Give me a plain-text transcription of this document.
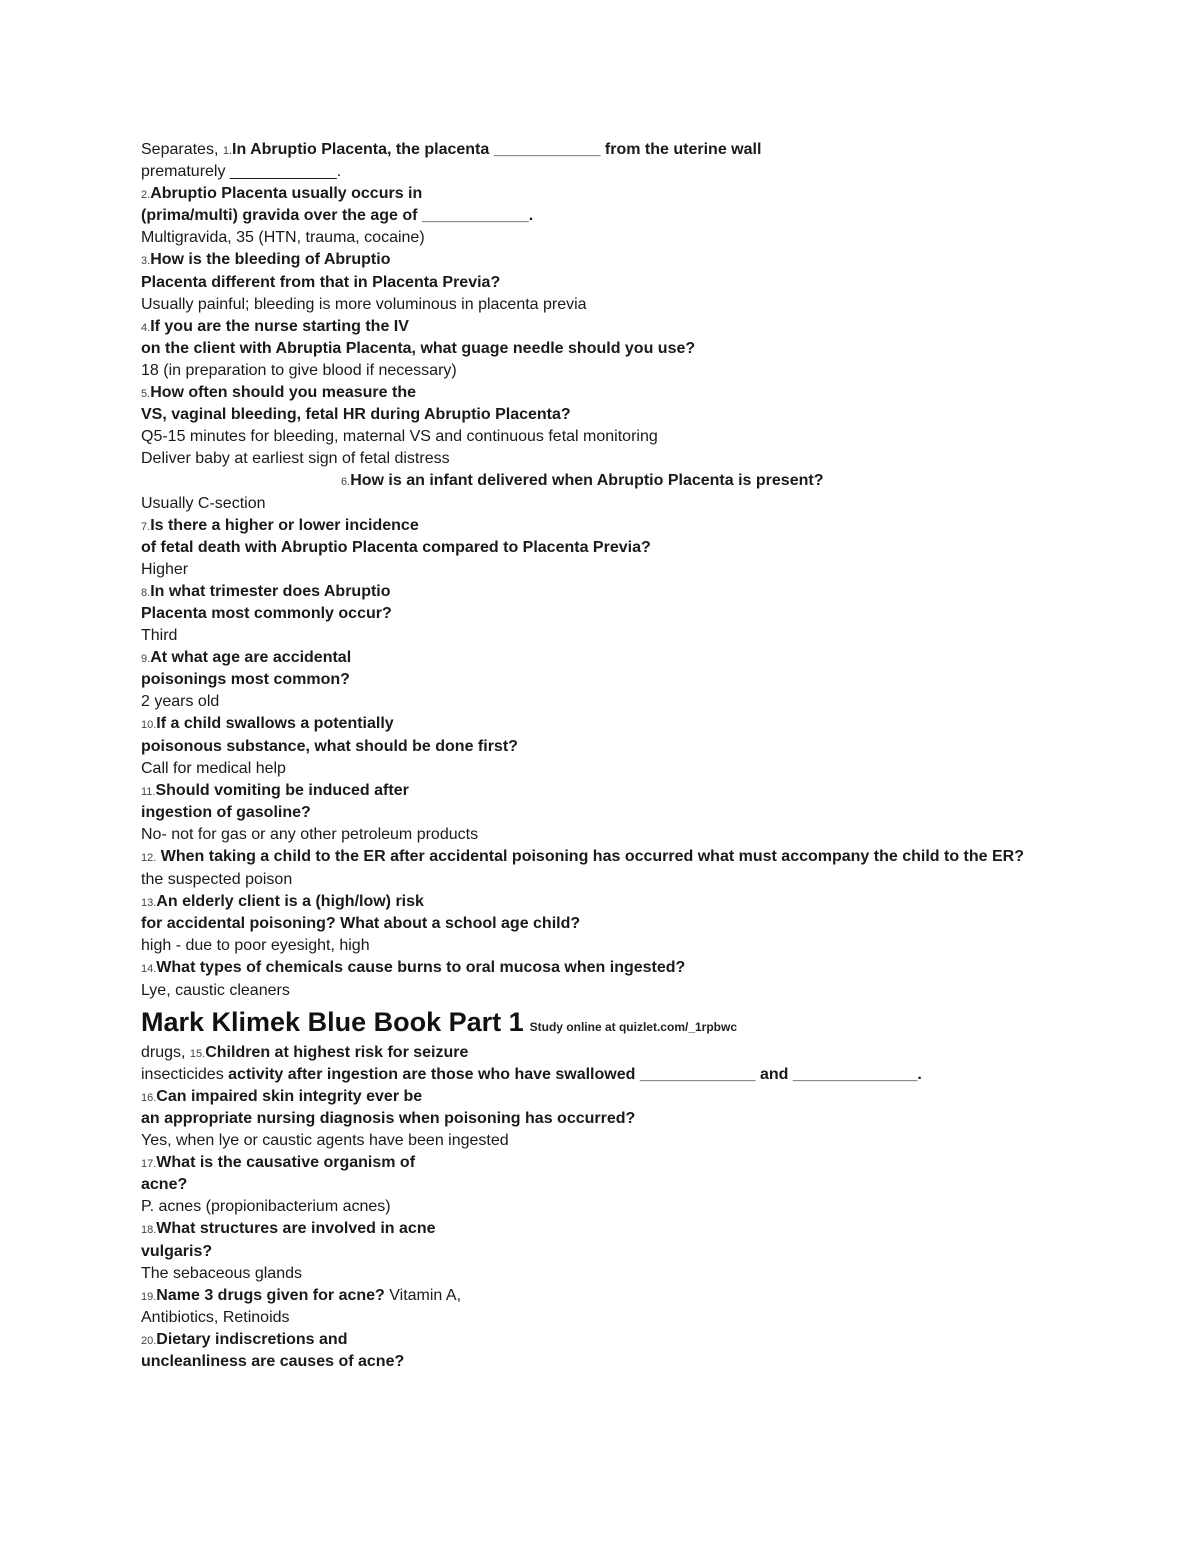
Separates, 1.In Abruptio Placenta, the placenta ____________ from the uterine wall
prematurely ____________.
2.Abruptio Placenta usually occurs in
(prima/multi) gravida over the age of ____________.
Multigravida, 35 (HTN, trauma, cocaine)
3.How is the bleeding of Abruptio
Placenta different from that in Placenta Previa?
Usually painful; bleeding is more voluminous in placenta previa
4.If you are the nurse starting the IV
on the client with Abruptia Placenta, what guage needle should you use?
18 (in preparation to give blood if necessary)
5.How often should you measure the
VS, vaginal bleeding, fetal HR during Abruptio Placenta?
Q5-15 minutes for bleeding, maternal VS and continuous fetal monitoring
Deliver baby at earliest sign of fetal distress
6.How is an infant delivered when Abruptio Placenta is present?
Usually C-section
7.Is there a higher or lower incidence
of fetal death with Abruptio Placenta compared to Placenta Previa?
Higher
8.In what trimester does Abruptio
Placenta most commonly occur?
Third
9.At what age are accidental
poisonings most common?
2 years old
10.If a child swallows a potentially
poisonous substance, what should be done first?
Call for medical help
11.Should vomiting be induced after
ingestion of gasoline?
No- not for gas or any other petroleum products
12. When taking a child to the ER after accidental poisoning has occurred what must accompany the child to the ER?
the suspected poison
13.An elderly client is a (high/low) risk
for accidental poisoning? What about a school age child?
high - due to poor eyesight, high
14.What types of chemicals cause burns to oral mucosa when ingested?
Lye, caustic cleaners
Mark Klimek Blue Book Part 1 Study online at quizlet.com/_1rpbwc
drugs, 15.Children at highest risk for seizure
insecticides activity after ingestion are those who have swallowed _____________ and ______________.
16.Can impaired skin integrity ever be
an appropriate nursing diagnosis when poisoning has occurred?
Yes, when lye or caustic agents have been ingested
17.What is the causative organism of
acne?
P. acnes (propionibacterium acnes)
18.What structures are involved in acne
vulgaris?
The sebaceous glands
19.Name 3 drugs given for acne? Vitamin A,
Antibiotics, Retinoids
20.Dietary indiscretions and
uncleanliness are causes of acne?
